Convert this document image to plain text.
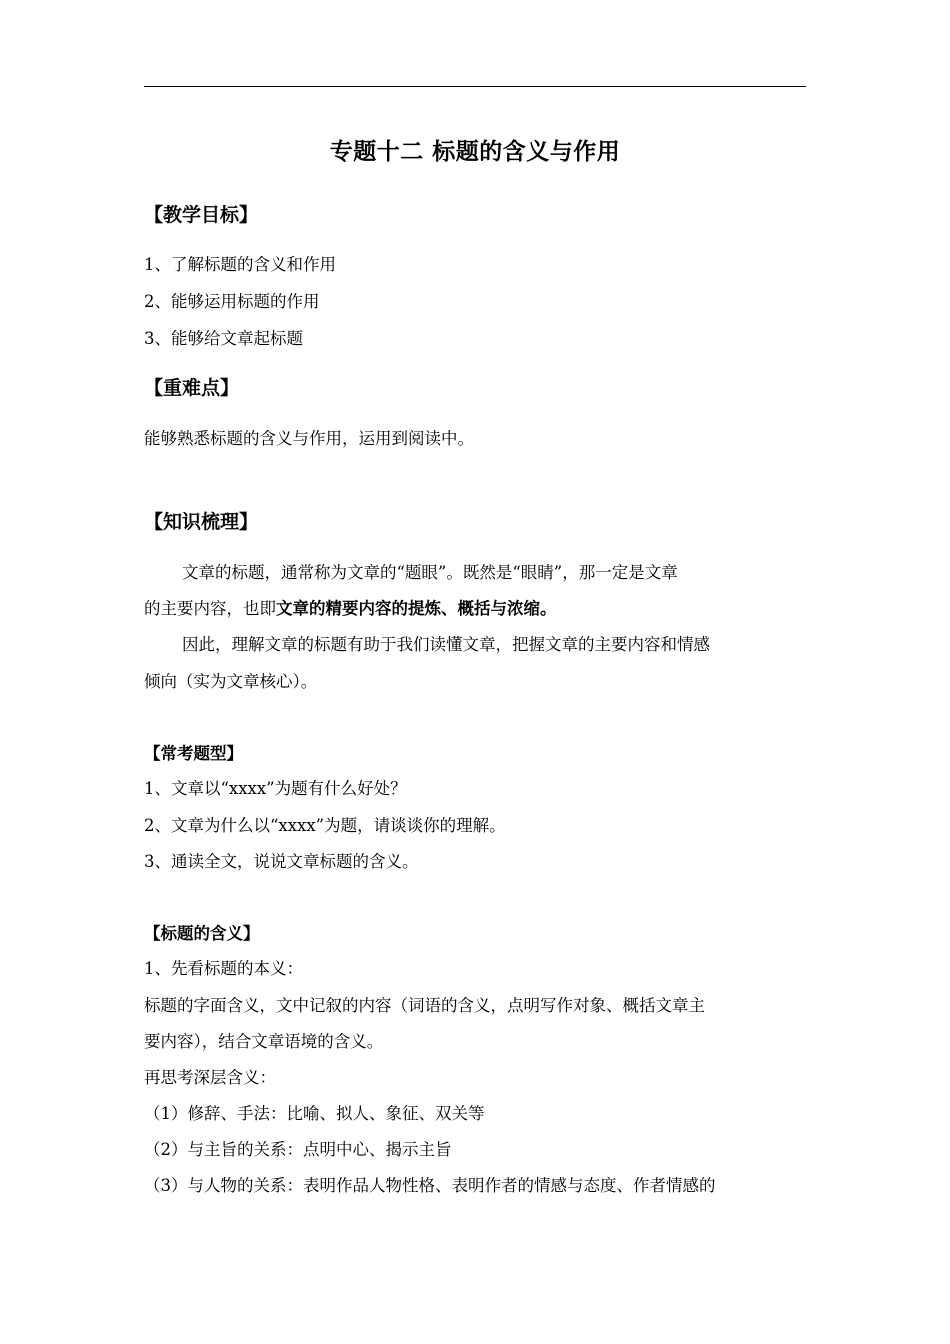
专题十二 标题的含义与作用
【教学目标】
1、了解标题的含义和作用
2、能够运用标题的作用
3、能够给文章起标题
【重难点】
能够熟悉标题的含义与作用，运用到阅读中。
【知识梳理】
文章的标题，通常称为文章的“题眼”。既然是“眼睛”，那一定是文章
的主要内容，也即文章的精要内容的提炼、概括与浓缩。
因此，理解文章的标题有助于我们读懂文章，把握文章的主要内容和情感
倾向（实为文章核心）。
【常考题型】
1、文章以“xxxx”为题有什么好处？
2、文章为什么以“xxxx”为题，请谈谈你的理解。
3、通读全文，说说文章标题的含义。
【标题的含义】
1、先看标题的本义：
标题的字面含义，文中记叙的内容（词语的含义，点明写作对象、概括文章主
要内容），结合文章语境的含义。
再思考深层含义：
（1）修辞、手法：比喻、拟人、象征、双关等
（2）与主旨的关系：点明中心、揭示主旨
（3）与人物的关系：表明作品人物性格、表明作者的情感与态度、作者情感的
